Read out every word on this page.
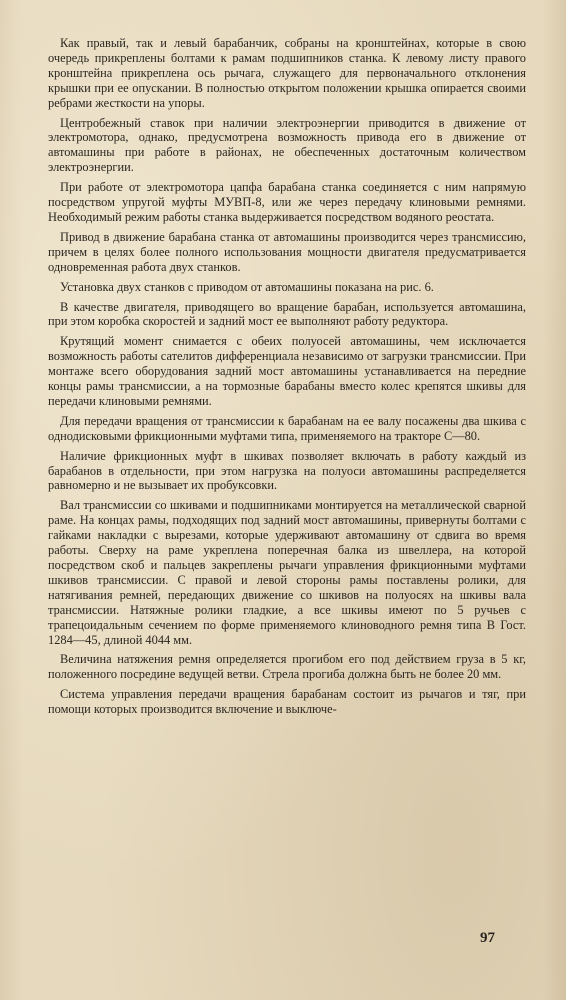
Как правый, так и левый барабанчик, собраны на кронштейнах, которые в свою очередь прикреплены болтами к рамам подшипников станка. К левому листу правого кронштейна прикреплена ось рычага, служащего для первоначального отклонения крышки при ее опускании. В полностью открытом положении крышка опирается своими ребрами жесткости на упоры.

Центробежный ставок при наличии электроэнергии приводится в движение от электромотора, однако, предусмотрена возможность привода его в движение от автомашины при работе в районах, не обеспеченных достаточным количеством электроэнергии.

При работе от электромотора цапфа барабана станка соединяется с ним напрямую посредством упругой муфты МУВП-8, или же через передачу клиновыми ремнями. Необходимый режим работы станка выдерживается посредством водяного реостата.

Привод в движение барабана станка от автомашины производится через трансмиссию, причем в целях более полного использования мощности двигателя предусматривается одновременная работа двух станков.

Установка двух станков с приводом от автомашины показана на рис. 6.

В качестве двигателя, приводящего во вращение барабан, используется автомашина, при этом коробка скоростей и задний мост ее выполняют работу редуктора.

Крутящий момент снимается с обеих полуосей автомашины, чем исключается возможность работы сателитов дифференциала независимо от загрузки трансмиссии. При монтаже всего оборудования задний мост автомашины устанавливается на передние концы рамы трансмиссии, а на тормозные барабаны вместо колес крепятся шкивы для передачи клиновыми ремнями.

Для передачи вращения от трансмиссии к барабанам на ее валу посажены два шкива с однодисковыми фрикционными муфтами типа, применяемого на тракторе С—80.

Наличие фрикционных муфт в шкивах позволяет включать в работу каждый из барабанов в отдельности, при этом нагрузка на полуоси автомашины распределяется равномерно и не вызывает их пробуксовки.

Вал трансмиссии со шкивами и подшипниками монтируется на металлической сварной раме. На концах рамы, подходящих под задний мост автомашины, привернуты болтами с гайками накладки с вырезами, которые удерживают автомашину от сдвига во время работы. Сверху на раме укреплена поперечная балка из швеллера, на которой посредством скоб и пальцев закреплены рычаги управления фрикционными муфтами шкивов трансмиссии. С правой и левой стороны рамы поставлены ролики, для натягивания ремней, передающих движение со шкивов на полуосях на шкивы вала трансмиссии. Натяжные ролики гладкие, а все шкивы имеют по 5 ручьев с трапецоидальным сечением по форме применяемого клиноводного ремня типа В Гост. 1284—45, длиной 4044 мм.

Величина натяжения ремня определяется прогибом его под действием груза в 5 кг, положенного посредине ведущей ветви. Стрела прогиба должна быть не более 20 мм.

Система управления передачи вращения барабанам состоит из рычагов и тяг, при помощи которых производится включение и выключе-

97
